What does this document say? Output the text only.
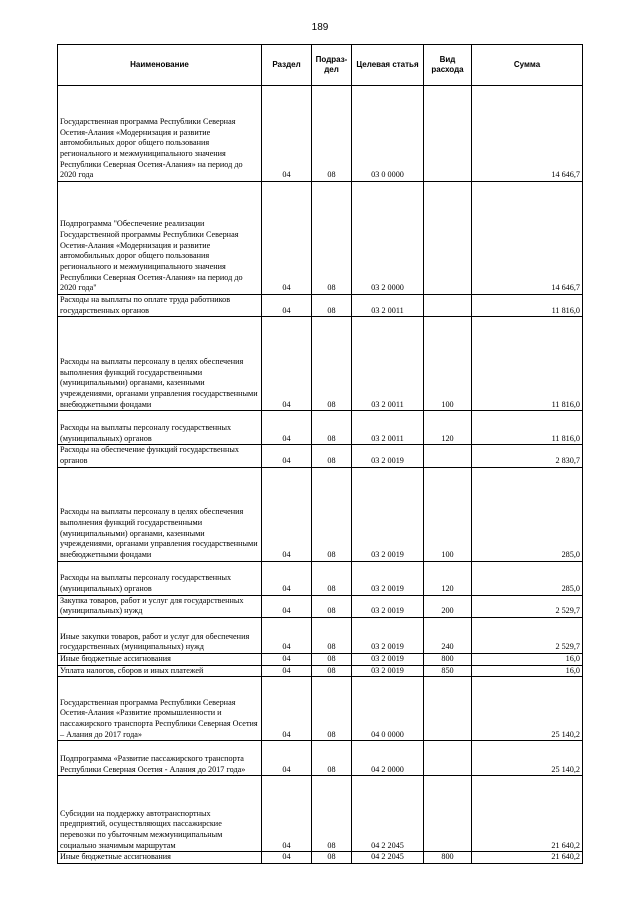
189
Наименование	Раздел	Подраз-дел	Целевая статья	Вид расхода	Сумма
Государственная программа Республики Северная Осетия-Алания «Модернизация и развитие автомобильных дорог общего пользования регионального и межмуниципального значения Республики Северная Осетия-Алания» на период до 2020 года	04	08	03 0 0000		14 646,7
Подпрограмма "Обеспечение реализации Государственной программы Республики Северная Осетия-Алания «Модернизация и развитие автомобильных дорог общего пользования регионального и межмуниципального значения Республики Северная Осетия-Алания» на период до 2020 года"	04	08	03 2 0000		14 646,7
Расходы на выплаты по оплате труда работников государственных органов	04	08	03 2 0011		11 816,0
Расходы на выплаты персоналу в целях обеспечения выполнения функций государственными (муниципальными) органами, казенными учреждениями, органами управления государственными внебюджетными фондами	04	08	03 2 0011	100	11 816,0
Расходы на выплаты персоналу государственных (муниципальных) органов	04	08	03 2 0011	120	11 816,0
Расходы на обеспечение функций государственных органов	04	08	03 2 0019		2 830,7
Расходы на выплаты персоналу в целях обеспечения выполнения функций государственными (муниципальными) органами, казенными учреждениями, органами управления государственными внебюджетными фондами	04	08	03 2 0019	100	285,0
Расходы на выплаты персоналу государственных (муниципальных) органов	04	08	03 2 0019	120	285,0
Закупка товаров, работ и услуг для государственных (муниципальных) нужд	04	08	03 2 0019	200	2 529,7
Иные закупки товаров, работ и услуг для обеспечения государственных (муниципальных) нужд	04	08	03 2 0019	240	2 529,7
Иные бюджетные ассигнования	04	08	03 2 0019	800	16,0
Уплата налогов, сборов и иных платежей	04	08	03 2 0019	850	16,0
Государственная программа Республики Северная Осетия-Алания «Развитие промышленности и пассажирского транспорта Республики Северная Осетия – Алания до 2017 года»	04	08	04 0 0000		25 140,2
Подпрограмма «Развитие пассажирского транспорта Республики Северная Осетия - Алания до 2017 года»	04	08	04 2 0000		25 140,2
Субсидии на поддержку автотранспортных предприятий, осуществляющих пассажирские перевозки по убыточным межмуниципальным социально значимым маршрутам	04	08	04 2 2045		21 640,2
Иные бюджетные ассигнования	04	08	04 2 2045	800	21 640,2
